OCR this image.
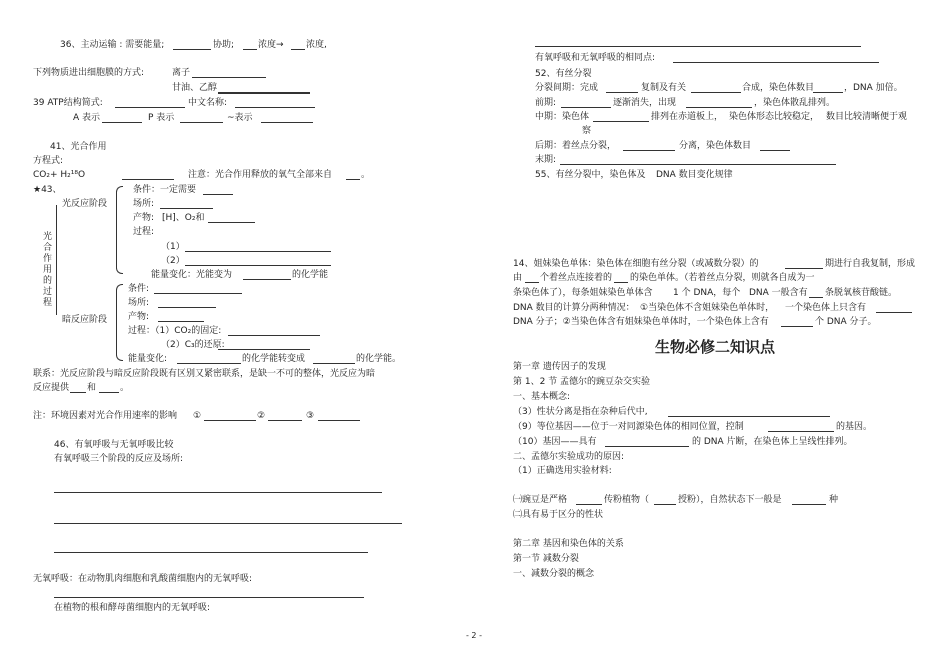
36、主动运输 : 需要能量;	协助;	浓度→ 浓度,
下列物质进出细胞膜的方式:	离子
甘油、乙醇
39 ATP结构简式:	中文名称:
A 表示	P 表示	~表示
41、光合作用
方程式:
CO₂+ H₂¹⁸O	注意：光合作用释放的氧气全部来自	。
★43、
光反应阶段
光合作用的过程
条件：一定需要
场所:
产物: [H]、O₂和
过程:
（1）
（2）
能量变化：光能变为	的化学能
暗反应阶段
条件:
场所:
产物:
过程：（1）CO₂的固定:
（2）C₃的还原:
能量变化:	的化学能转变成	的化学能。
联系：光反应阶段与暗反应阶段既有区别又紧密联系，是缺一不可的整体，光反应为暗
反应提供 和	。
注：环境因素对光合作用速率的影响 ①	②	③
46、有氧呼吸与无氧呼吸比较
有氧呼吸三个阶段的反应及场所:
无氧呼吸：在动物肌肉细胞和乳酸菌细胞内的无氧呼吸:
在植物的根和酵母菌细胞内的无氧呼吸:
有氧呼吸和无氧呼吸的相同点:
52、有丝分裂
分裂间期：完成	复制及有关	合成，染色体数目	，DNA 加倍。
前期:	逐渐消失，出现	，染色体散乱排列。
中期：染色体	排列在赤道板上， 染色体形态比较稳定， 数目比较清晰便于观
察
后期：着丝点分裂，	分离，染色体数目
末期:
55、有丝分裂中，染色体及 DNA 数目变化规律
14、姐妹染色单体：染色体在细胞有丝分裂（或减数分裂）的	期进行自我复制，形成
由 个着丝点连接着的 的染色单体。（若着丝点分裂，则就各自成为一
条染色体了），每条姐妹染色单体含 1 个 DNA，每个 DNA 一般含有 条脱氧核苷酸链。
DNA 数目的计算分两种情况： ①当染色体不含姐妹染色单体时， 一个染色体上只含有
DNA 分子；②当染色体含有姐妹染色单体时，一个染色体上含有	个 DNA 分子。
生物必修二知识点
第一章 遗传因子的发现
第 1、2 节 孟德尔的豌豆杂交实验
一、基本概念:
（3）性状分离是指在杂种后代中,
（9）等位基因——位于一对同源染色体的相同位置，控制	的基因。
（10）基因——具有	的 DNA 片断，在染色体上呈线性排列。
二、孟德尔实验成功的原因:
（1）正确选用实验材料:
㈠豌豆是严格	传粉植物（	授粉），自然状态下一般是	种
㈡具有易于区分的性状
第二章 基因和染色体的关系
第一节 减数分裂
一、减数分裂的概念
- 2 -
